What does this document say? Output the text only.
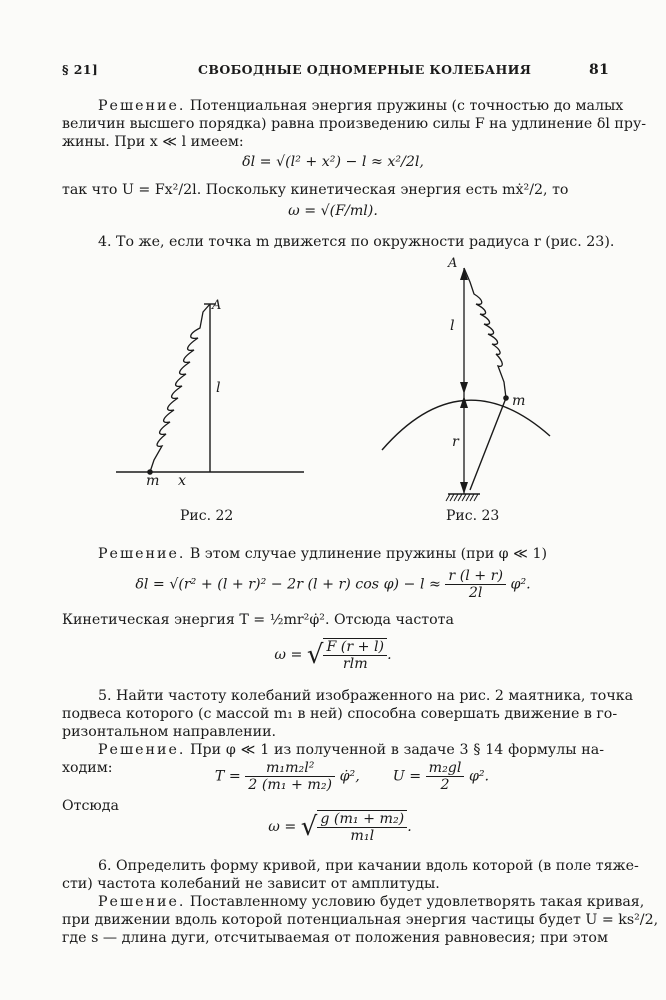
§ 21]	СВОБОДНЫЕ ОДНОМЕРНЫЕ КОЛЕБАНИЯ	81
Решение. Потенциальная энергия пружины (с точностью до малых
величин высшего порядка) равна произведению силы F на удлинение δl пру-
жины. При x ≪ l имеем:
δl = √(l² + x²) − l ≈ x²/2l,
так что U = Fx²/2l. Поскольку кинетическая энергия есть mẋ²/2, то
ω = √(F/ml).
4. То же, если точка m движется по окружности радиуса r (рис. 23).
A
l
m x
Рис. 22
A
l
r
m
Рис. 23
Решение. В этом случае удлинение пружины (при φ ≪ 1)
δl = √(r² + (l + r)² − 2r (l + r) $\cos \varphi) - l \approx \frac{r (l + r)}{2l} \varphi^2$.
Кинетическая энергия T = ½mr²φ̇². Отсюда частота
ω = √ $\frac{F (r + l)}{\text{rlm}}$ .
5. Найти частоту колебаний изображенного на рис. 2 маятника, точка
подвеса которого (с массой m₁ в ней) способна совершать движение в го-
ризонтальном направлении.
Решение. При φ ≪ 1 из полученной в задаче 3 § 14 формулы на-
ходим:
$T = \frac{\text{m₁m₂l²}}{\text{2 (m₁ + m₂)}}$ φ̇², $U = \frac{\text{m₂gl}}{2} \varphi^2$.
Отсюда
ω = √ $\frac{\text{g (m₁ + m₂)}}{\text{m₁l}}$ .
6. Определить форму кривой, при качании вдоль которой (в поле тяже-
сти) частота колебаний не зависит от амплитуды.
Решение. Поставленному условию будет удовлетворять такая кривая,
при движении вдоль которой потенциальная энергия частицы будет U = ks²/2,
где s — длина дуги, отсчитываемая от положения равновесия; при этом
